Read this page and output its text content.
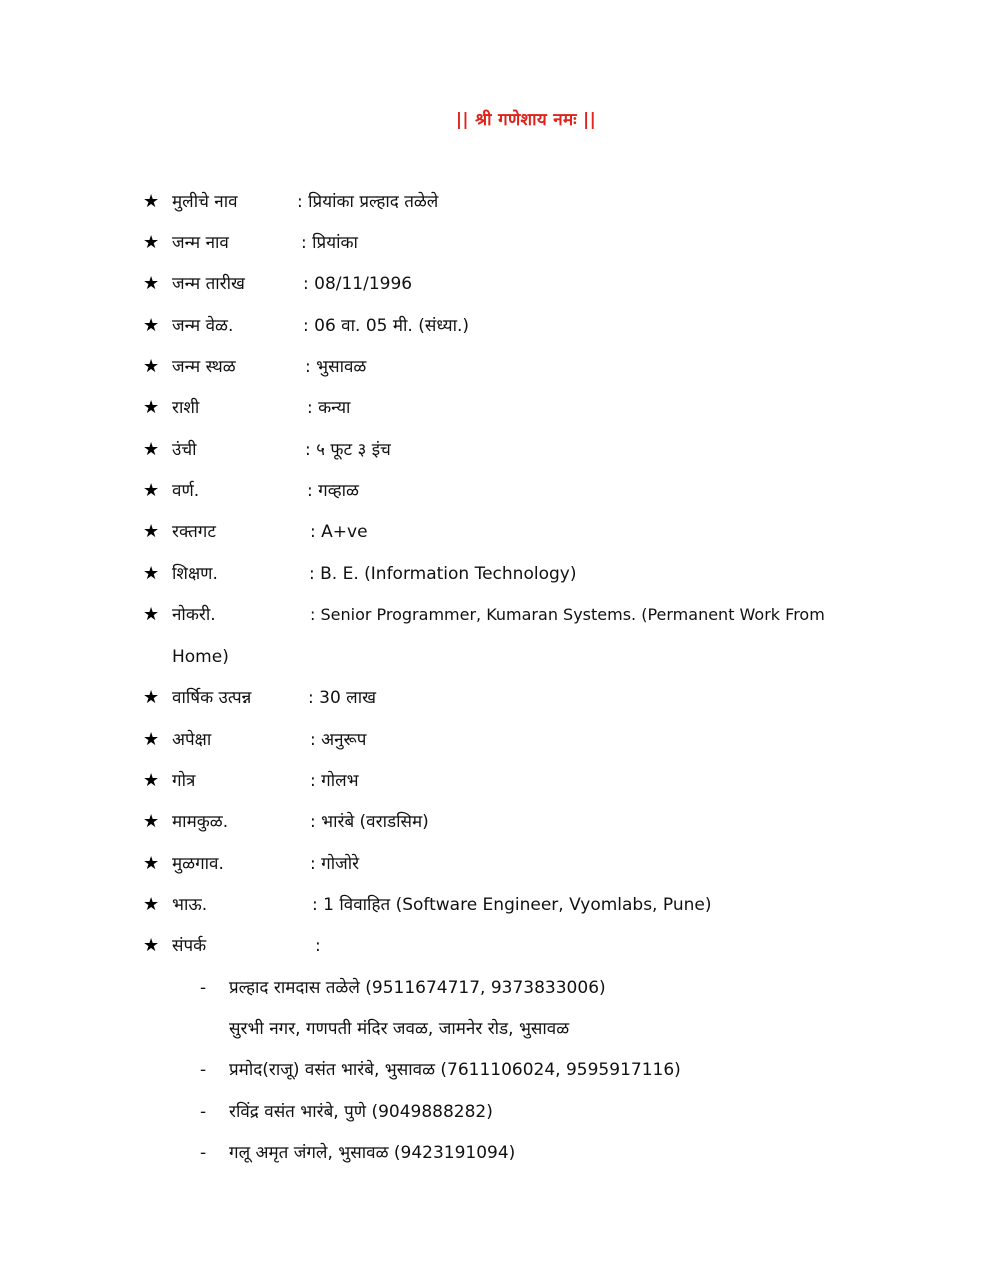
|| श्री गणेशाय नमः ||
★ मुलीचे नाव	: प्रियांका प्रल्हाद तळेले
★ जन्म नाव	: प्रियांका
★ जन्म तारीख	: 08/11/1996
★ जन्म वेळ.	: 06 वा. 05 मी. (संध्या.)
★ जन्म स्थळ	: भुसावळ
★ राशी	: कन्या
★ उंची	: ५ फूट ३ इंच
★ वर्ण.	: गव्हाळ
★ रक्तगट	: A+ve
★ शिक्षण.	: B. E. (Information Technology)
★ नोकरी.	: Senior Programmer, Kumaran Systems. (Permanent Work From
Home)
★ वार्षिक उत्पन्न	: 30 लाख
★ अपेक्षा	: अनुरूप
★ गोत्र	: गोलभ
★ मामकुळ.	: भारंबे (वराडसिम)
★ मुळगाव.	: गोजोरे
★ भाऊ.	: 1 विवाहित (Software Engineer, Vyomlabs, Pune)
★ संपर्क	:
- प्रल्हाद रामदास तळेले (9511674717, 9373833006)
सुरभी नगर, गणपती मंदिर जवळ, जामनेर रोड, भुसावळ
- प्रमोद(राजू) वसंत भारंबे, भुसावळ (7611106024, 9595917116)
- रविंद्र वसंत भारंबे, पुणे (9049888282)
- गलू अमृत जंगले, भुसावळ (9423191094)
